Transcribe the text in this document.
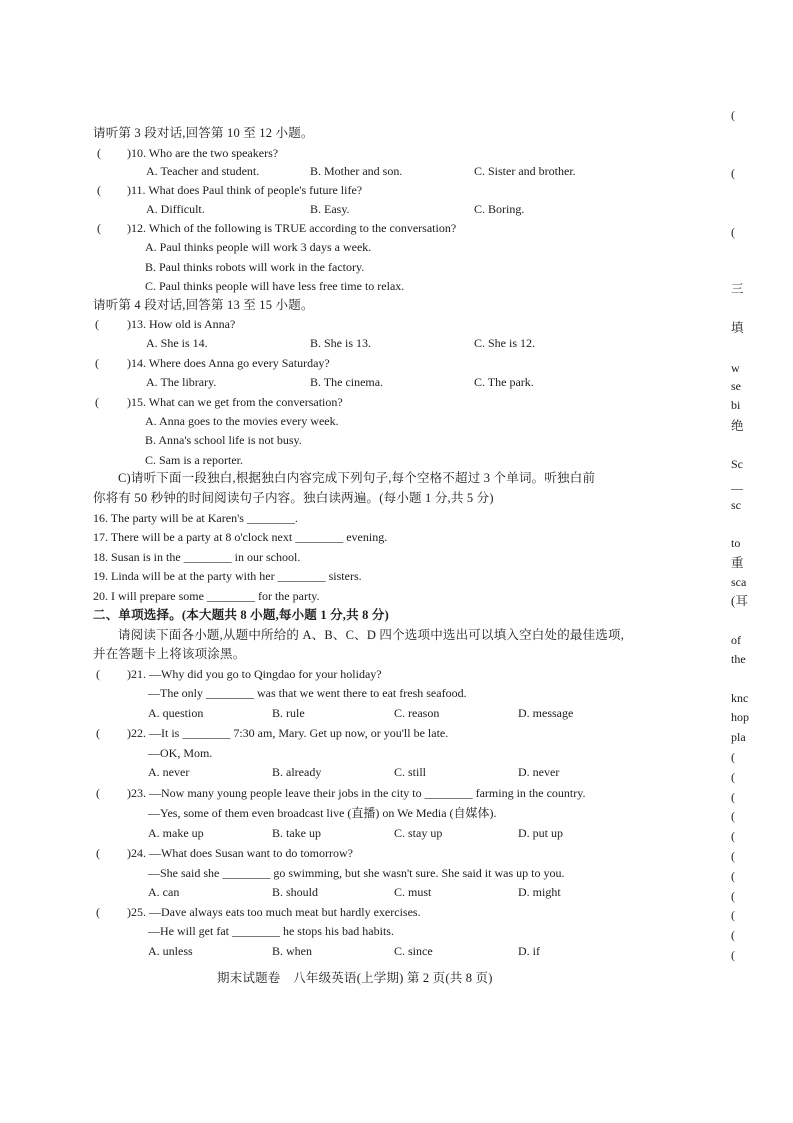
请听第 3 段对话,回答第 10 至 12 小题。
( )10. Who are the two speakers?
A. Teacher and student.	B. Mother and son.	C. Sister and brother.
( )11. What does Paul think of people's future life?
A. Difficult.	B. Easy.	C. Boring.
( )12. Which of the following is TRUE according to the conversation?
A. Paul thinks people will work 3 days a week.
B. Paul thinks robots will work in the factory.
C. Paul thinks people will have less free time to relax.
请听第 4 段对话,回答第 13 至 15 小题。
( )13. How old is Anna?
A. She is 14.	B. She is 13.	C. She is 12.
( )14. Where does Anna go every Saturday?
A. The library.	B. The cinema.	C. The park.
( )15. What can we get from the conversation?
A. Anna goes to the movies every week.
B. Anna's school life is not busy.
C. Sam is a reporter.
C)请听下面一段独白,根据独白内容完成下列句子,每个空格不超过 3 个单词。听独白前
你将有 50 秒钟的时间阅读句子内容。独白读两遍。(每小题 1 分,共 5 分)
16. The party will be at Karen's ________.
17. There will be a party at 8 o'clock next ________ evening.
18. Susan is in the ________ in our school.
19. Linda will be at the party with her ________ sisters.
20. I will prepare some ________ for the party.
二、单项选择。(本大题共 8 小题,每小题 1 分,共 8 分)
请阅读下面各小题,从题中所给的 A、B、C、D 四个选项中选出可以填入空白处的最佳选项,
并在答题卡上将该项涂黑。
( )21. —Why did you go to Qingdao for your holiday?
—The only ________ was that we went there to eat fresh seafood.
A. question	B. rule	C. reason	D. message
( )22. —It is ________ 7:30 am, Mary. Get up now, or you'll be late.
—OK, Mom.
A. never	B. already	C. still	D. never
( )23. —Now many young people leave their jobs in the city to ________ farming in the country.
—Yes, some of them even broadcast live (直播) on We Media (自媒体).
A. make up	B. take up	C. stay up	D. put up
( )24. —What does Susan want to do tomorrow?
—She said she ________ go swimming, but she wasn't sure. She said it was up to you.
A. can	B. should	C. must	D. might
( )25. —Dave always eats too much meat but hardly exercises.
—He will get fat ________ he stops his bad habits.
A. unless	B. when	C. since	D. if
期末试题卷　八年级英语(上学期) 第 2 页(共 8 页)
(
(
(
三
填
w
se
bi
绝
Sc
—
sc
to
重
sca
(耳
of
the
knc
hop
pla
(
(
(
(
(
(
(
(
(
(
(
